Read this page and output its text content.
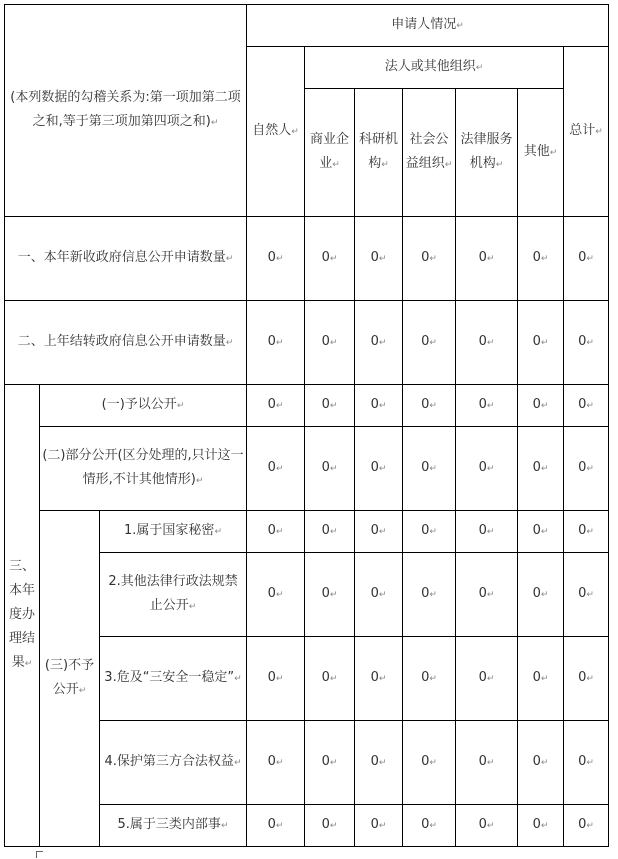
(本列数据的勾稽关系为:第一项加第二项之和,等于第三项加第四项之和)↵			申请人情况↵						
			自然人↵	法人或其他组织↵					总计↵
				商业企业↵	科研机构↵	社会公益组织↵	法律服务机构↵	其他↵	
一、本年新收政府信息公开申请数量↵			0↵	0↵	0↵	0↵	0↵	0↵	0↵
二、上年结转政府信息公开申请数量↵			0↵	0↵	0↵	0↵	0↵	0↵	0↵
三、本年度办理结果↵	(一)予以公开↵		0↵	0↵	0↵	0↵	0↵	0↵	0↵
	(二)部分公开(区分处理的,只计这一情形,不计其他情形)↵		0↵	0↵	0↵	0↵	0↵	0↵	0↵
	(三)不予公开↵	1.属于国家秘密↵	0↵	0↵	0↵	0↵	0↵	0↵	0↵
		2.其他法律行政法规禁止公开↵	0↵	0↵	0↵	0↵	0↵	0↵	0↵
		3.危及“三安全一稳定”↵	0↵	0↵	0↵	0↵	0↵	0↵	0↵
		4.保护第三方合法权益↵	0↵	0↵	0↵	0↵	0↵	0↵	0↵
		5.属于三类内部事↵	0↵	0↵	0↵	0↵	0↵	0↵	0↵
